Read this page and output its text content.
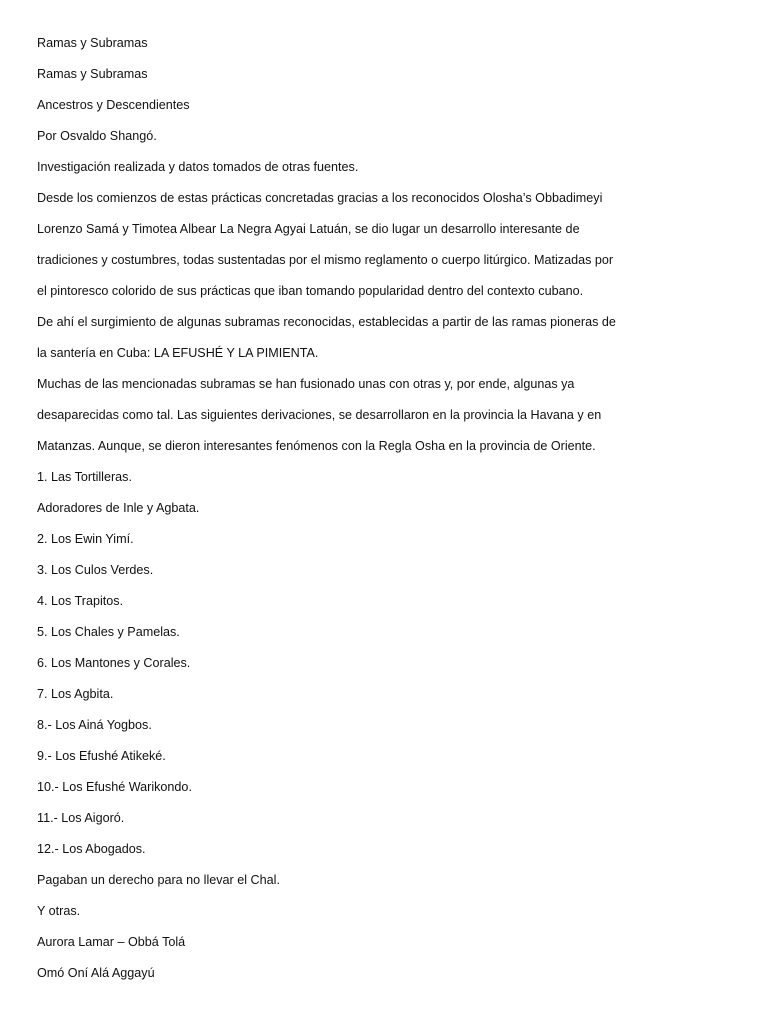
Ramas y Subramas
Ramas y Subramas
Ancestros y Descendientes
Por Osvaldo Shangó.
Investigación realizada y datos tomados de otras fuentes.
Desde los comienzos de estas prácticas concretadas gracias a los reconocidos Olosha’s Obbadimeyi
Lorenzo Samá y Timotea Albear La Negra Agyai Latuán, se dio lugar un desarrollo interesante de
tradiciones y costumbres, todas sustentadas por el mismo reglamento o cuerpo litúrgico. Matizadas por
el pintoresco colorido de sus prácticas que iban tomando popularidad dentro del contexto cubano.
De ahí el surgimiento de algunas subramas reconocidas, establecidas a partir de las ramas pioneras de
la santería en Cuba: LA EFUSHÉ Y LA PIMIENTA.
Muchas de las mencionadas subramas se han fusionado unas con otras y, por ende, algunas ya
desaparecidas como tal. Las siguientes derivaciones, se desarrollaron en la provincia la Havana y en
Matanzas. Aunque, se dieron interesantes fenómenos con la Regla Osha en la provincia de Oriente.
1. Las Tortilleras.
Adoradores de Inle y Agbata.
2. Los Ewin Yimí.
3. Los Culos Verdes.
4. Los Trapitos.
5. Los Chales y Pamelas.
6. Los Mantones y Corales.
7. Los Agbita.
8.- Los Ainá Yogbos.
9.- Los Efushé Atikeké.
10.- Los Efushé Warikondo.
11.- Los Aigoró.
12.- Los Abogados.
Pagaban un derecho para no llevar el Chal.
Y otras.
Aurora Lamar – Obbá Tolá
Omó Oní Alá Aggayú
